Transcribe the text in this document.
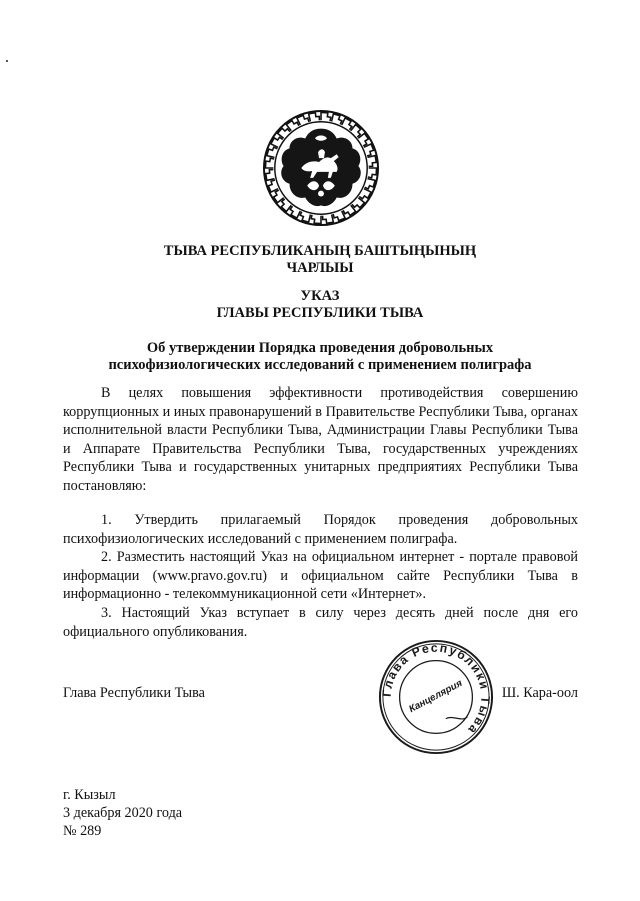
ТЫВА РЕСПУБЛИКАНЫҢ БАШТЫҢЫНЫҢ
ЧАРЛЫЫ
УКАЗ
ГЛАВЫ РЕСПУБЛИКИ ТЫВА
Об утверждении Порядка проведения добровольных
психофизиологических исследований с применением полиграфа

В целях повышения эффективности противодействия совершению коррупционных и иных правонарушений в Правительстве Республики Тыва, органах исполнительной власти Республики Тыва, Администрации Главы Республики Тыва и Аппарате Правительства Республики Тыва, государственных учреждениях Республики Тыва и государственных унитарных предприятиях Республики Тыва постановляю:

1. Утвердить прилагаемый Порядок проведения добровольных психофизиологических исследований с применением полиграфа.

2. Разместить настоящий Указ на официальном интернет - портале правовой информации (www.pravo.gov.ru) и официальном сайте Республики Тыва в информационно - телекоммуникационной сети «Интернет».

3. Настоящий Указ вступает в силу через десять дней после дня его официального опубликования.

Глава Республики Тыва	Ш. Кара-оол
Глава Республики Тыва
Канцелярия
г. Кызыл
3 декабря 2020 года
№ 289
